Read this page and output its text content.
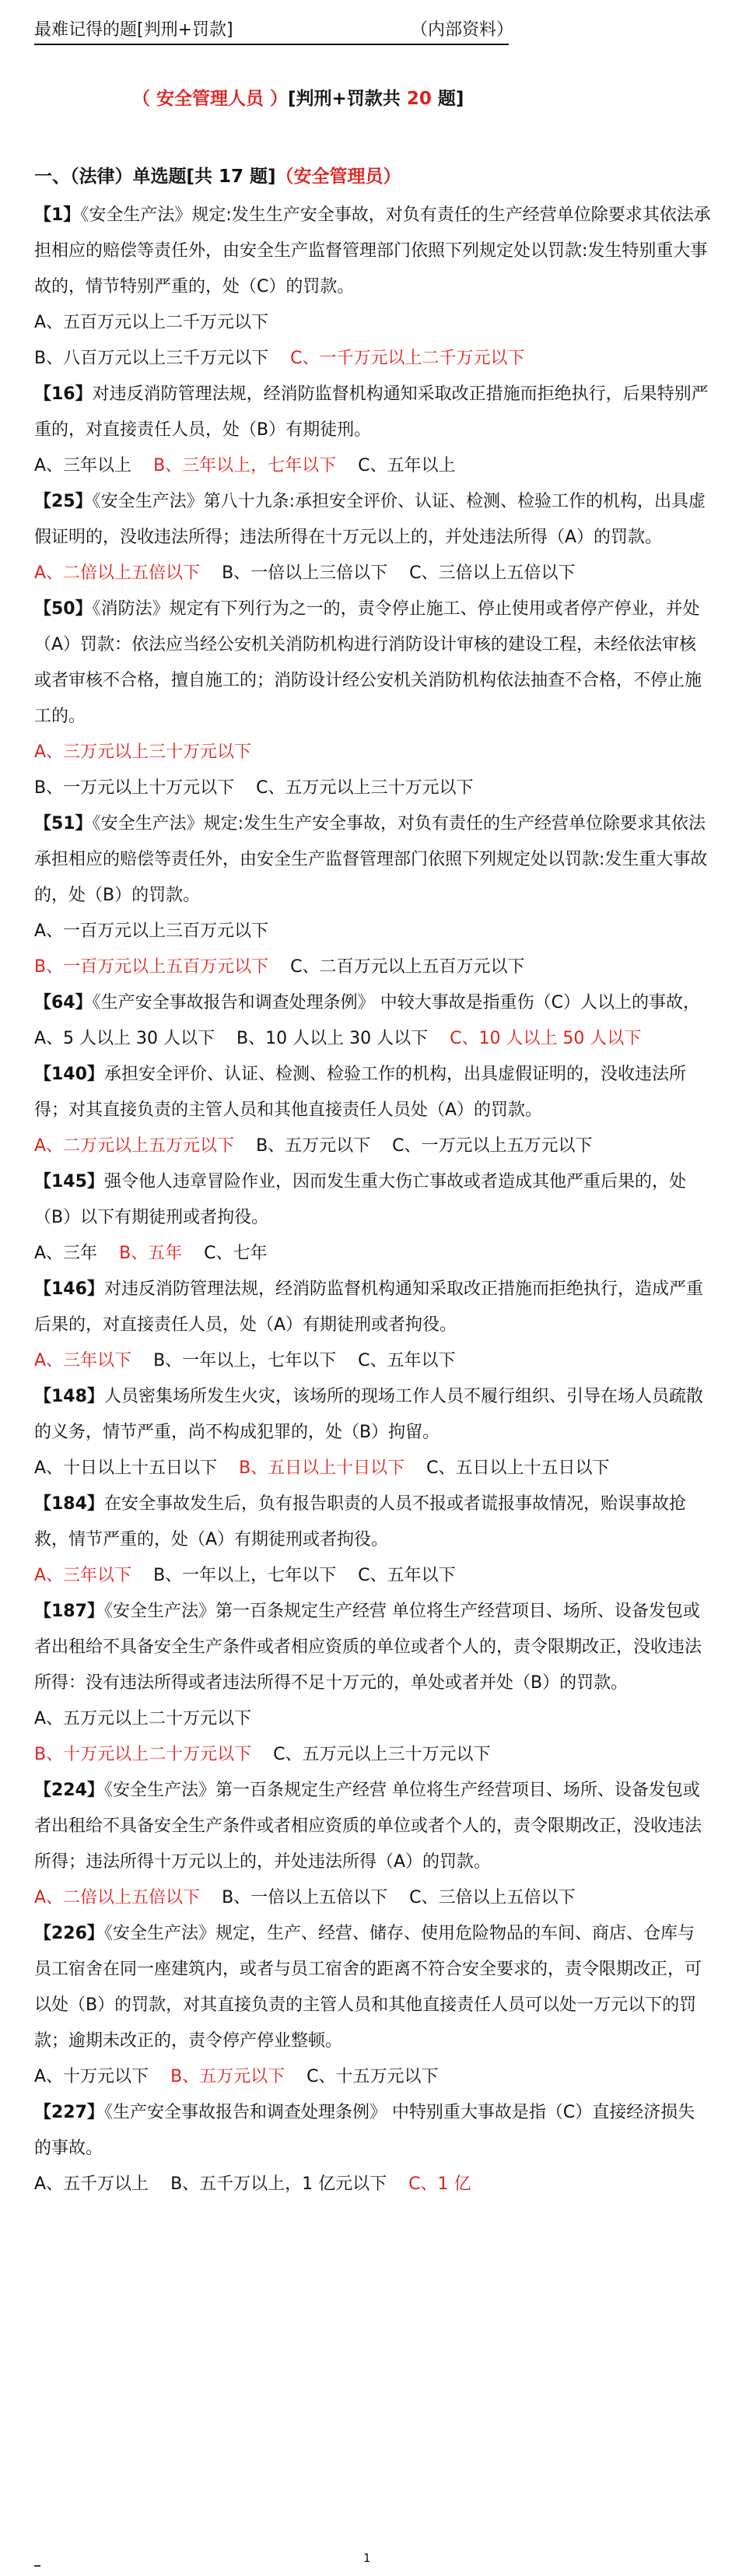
最难记得的题[判刑+罚款]	（内部资料）
（ 安全管理人员 ）[判刑+罚款共 20 题]
一、（法律）单选题[共 17 题]（安全管理员）

【1】《安全生产法》规定:发生生产安全事故，对负有责任的生产经营单位除要求其依法承担相应的赔偿等责任外，由安全生产监督管理部门依照下列规定处以罚款:发生特别重大事故的，情节特别严重的，处（C）的罚款。

A、五百万元以上二千万元以下

B、八百万元以上三千万元以下 C、一千万元以上二千万元以下

【16】对违反消防管理法规，经消防监督机构通知采取改正措施而拒绝执行，后果特别严重的，对直接责任人员，处（B）有期徒刑。

A、三年以上 B、三年以上，七年以下 C、五年以上

【25】《安全生产法》第八十九条:承担安全评价、认证、检测、检验工作的机构，出具虚假证明的，没收违法所得；违法所得在十万元以上的，并处违法所得（A）的罚款。

A、二倍以上五倍以下 B、一倍以上三倍以下 C、三倍以上五倍以下

【50】《消防法》规定有下列行为之一的，责令停止施工、停止使用或者停产停业，并处（A）罚款：依法应当经公安机关消防机构进行消防设计审核的建设工程，未经依法审核或者审核不合格，擅自施工的；消防设计经公安机关消防机构依法抽查不合格，不停止施工的。

A、三万元以上三十万元以下

B、一万元以上十万元以下 C、五万元以上三十万元以下

【51】《安全生产法》规定:发生生产安全事故，对负有责任的生产经营单位除要求其依法承担相应的赔偿等责任外，由安全生产监督管理部门依照下列规定处以罚款:发生重大事故的，处（B）的罚款。

A、一百万元以上三百万元以下

B、一百万元以上五百万元以下 C、二百万元以上五百万元以下

【64】《生产安全事故报告和调查处理条例》 中较大事故是指重伤（C）人以上的事故，

A、5 人以上 30 人以下 B、10 人以上 30 人以下 C、10 人以上 50 人以下

【140】承担安全评价、认证、检测、检验工作的机构，出具虚假证明的，没收违法所得；对其直接负责的主管人员和其他直接责任人员处（A）的罚款。

A、二万元以上五万元以下 B、五万元以下 C、一万元以上五万元以下

【145】强令他人违章冒险作业，因而发生重大伤亡事故或者造成其他严重后果的，处（B）以下有期徒刑或者拘役。

A、三年 B、五年 C、七年

【146】对违反消防管理法规，经消防监督机构通知采取改正措施而拒绝执行，造成严重后果的，对直接责任人员，处（A）有期徒刑或者拘役。

A、三年以下 B、一年以上，七年以下 C、五年以下

【148】人员密集场所发生火灾，该场所的现场工作人员不履行组织、引导在场人员疏散的义务，情节严重，尚不构成犯罪的，处（B）拘留。

A、十日以上十五日以下 B、五日以上十日以下 C、五日以上十五日以下

【184】在安全事故发生后，负有报告职责的人员不报或者谎报事故情况，贻误事故抢救，情节严重的，处（A）有期徒刑或者拘役。

A、三年以下 B、一年以上，七年以下 C、五年以下

【187】《安全生产法》第一百条规定生产经营 单位将生产经营项目、场所、设备发包或者出租给不具备安全生产条件或者相应资质的单位或者个人的，责令限期改正，没收违法所得：没有违法所得或者违法所得不足十万元的，单处或者并处（B）的罚款。

A、五万元以上二十万元以下

B、十万元以上二十万元以下 C、五万元以上三十万元以下

【224】《安全生产法》第一百条规定生产经营 单位将生产经营项目、场所、设备发包或者出租给不具备安全生产条件或者相应资质的单位或者个人的，责令限期改正，没收违法所得；违法所得十万元以上的，并处违法所得（A）的罚款。

A、二倍以上五倍以下 B、一倍以上五倍以下 C、三倍以上五倍以下

【226】《安全生产法》规定，生产、经营、储存、使用危险物品的车间、商店、仓库与员工宿舍在同一座建筑内，或者与员工宿舍的距离不符合安全要求的，责令限期改正，可以处（B）的罚款，对其直接负责的主管人员和其他直接责任人员可以处一万元以下的罚款；逾期未改正的，责令停产停业整顿。

A、十万元以下 B、五万元以下 C、十五万元以下

【227】《生产安全事故报告和调查处理条例》 中特别重大事故是指（C）直接经济损失的事故。

A、五千万以上 B、五千万以上，1 亿元以下 C、1 亿

1
